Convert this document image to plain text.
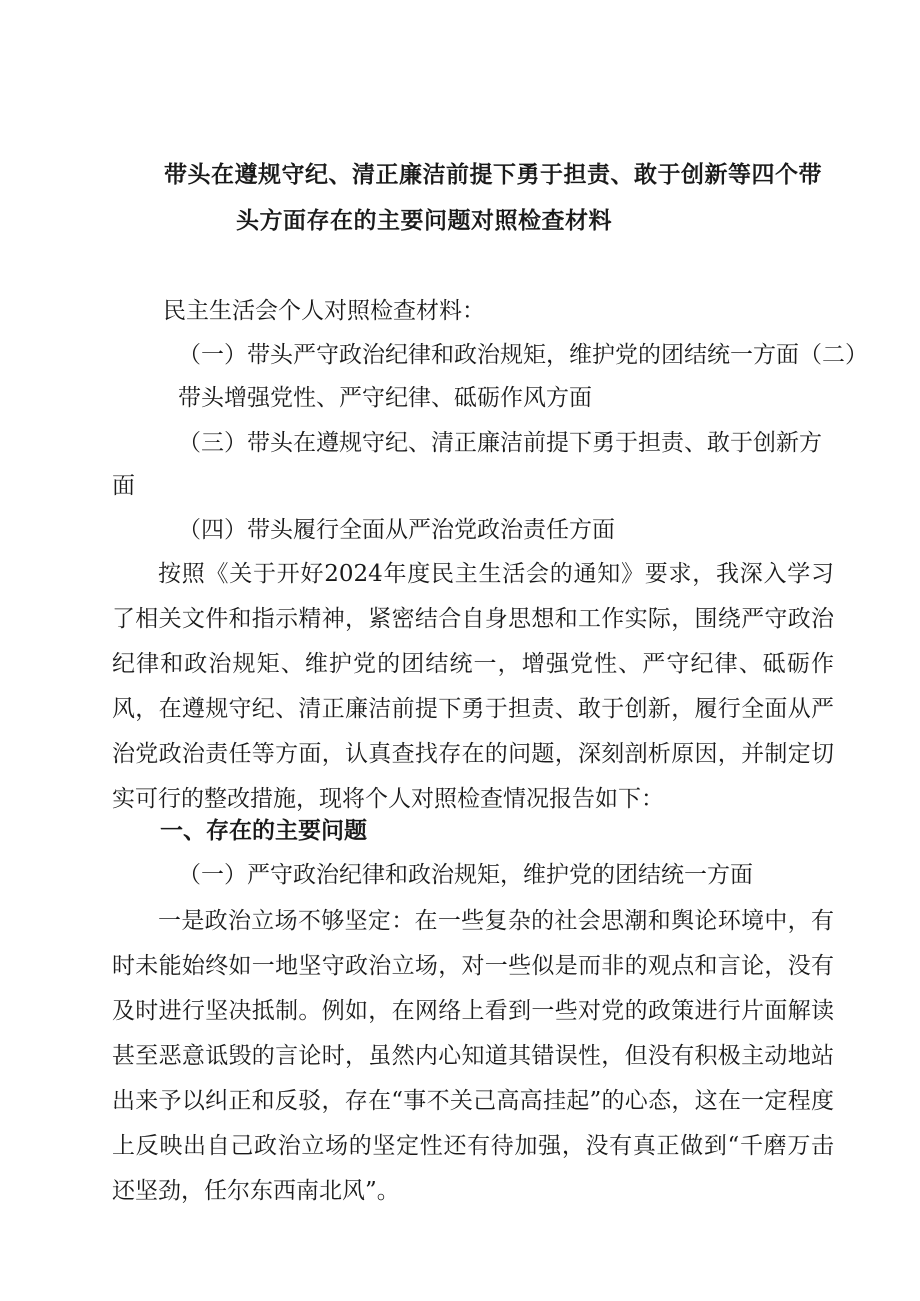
带头在遵规守纪、清正廉洁前提下勇于担责、敢于创新等四个带
头方面存在的主要问题对照检查材料
民主生活会个人对照检查材料：
（一）带头严守政治纪律和政治规矩，维护党的团结统一方面（二）
带头增强党性、严守纪律、砥砺作风方面
（三）带头在遵规守纪、清正廉洁前提下勇于担责、敢于创新方
面
（四）带头履行全面从严治党政治责任方面
按照《关于开好2024年度民主生活会的通知》要求，我深入学习了相关文件和指示精神，紧密结合自身思想和工作实际，围绕严守政治纪律和政治规矩、维护党的团结统一，增强党性、严守纪律、砥砺作风，在遵规守纪、清正廉洁前提下勇于担责、敢于创新，履行全面从严治党政治责任等方面，认真查找存在的问题，深刻剖析原因，并制定切实可行的整改措施，现将个人对照检查情况报告如下：
一、存在的主要问题
（一）严守政治纪律和政治规矩，维护党的团结统一方面
一是政治立场不够坚定：在一些复杂的社会思潮和舆论环境中，有时未能始终如一地坚守政治立场，对一些似是而非的观点和言论，没有及时进行坚决抵制。例如，在网络上看到一些对党的政策进行片面解读甚至恶意诋毁的言论时，虽然内心知道其错误性，但没有积极主动地站出来予以纠正和反驳，存在“事不关己高高挂起”的心态，这在一定程度上反映出自己政治立场的坚定性还有待加强，没有真正做到“千磨万击还坚劲，任尔东西南北风”。
